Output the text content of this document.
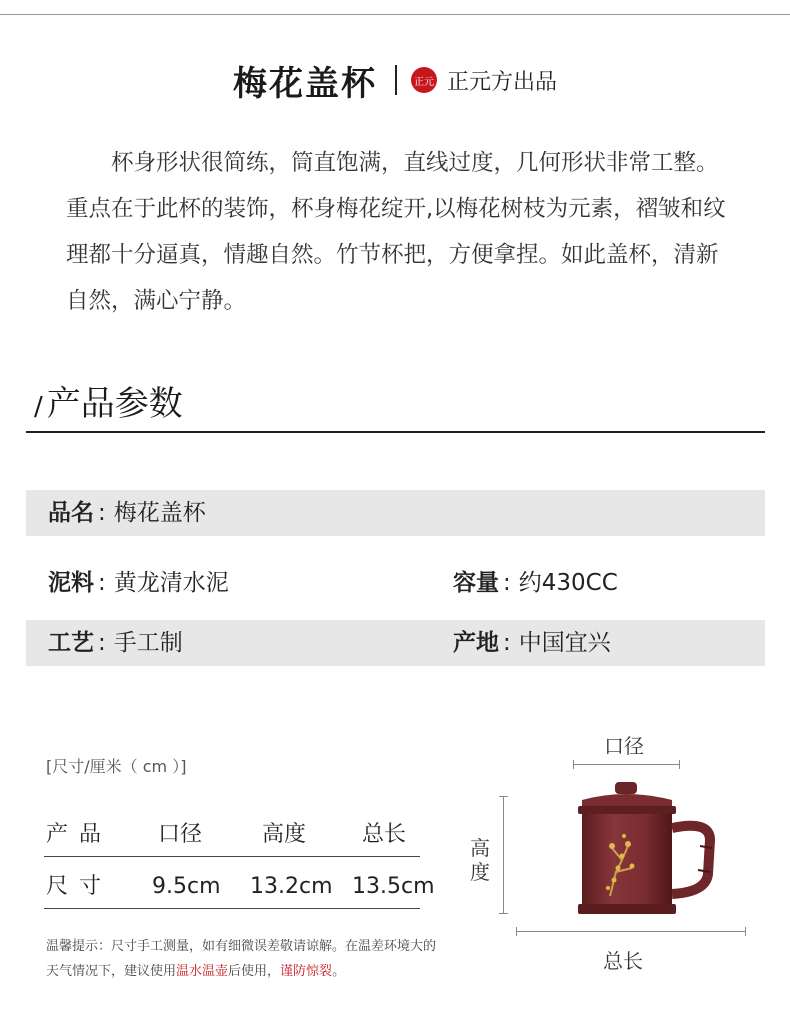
梅花盖杯	正元 正元方出品

杯身形状很简练，筒直饱满，直线过度，几何形状非常工整。重点在于此杯的装饰，杯身梅花绽开,以梅花树枝为元素，褶皱和纹理都十分逼真，情趣自然。竹节杯把，方便拿捏。如此盖杯，清新自然，满心宁静。

/ 产品参数
品名 : 梅花盖杯
泥料 : 黄龙清水泥	容量 : 约430CC
工艺 : 手工制	产地 : 中国宜兴
[尺寸/厘米（ cm ）]
产 品	口径	高度	总长
尺 寸 9.5cm 13.2cm 13.5cm
温馨提示：尺寸手工测量，如有细微误差敬请谅解。在温差环境大的天气情况下，建议使用温水温壶后使用，谨防惊裂。
口径
高度
总长
